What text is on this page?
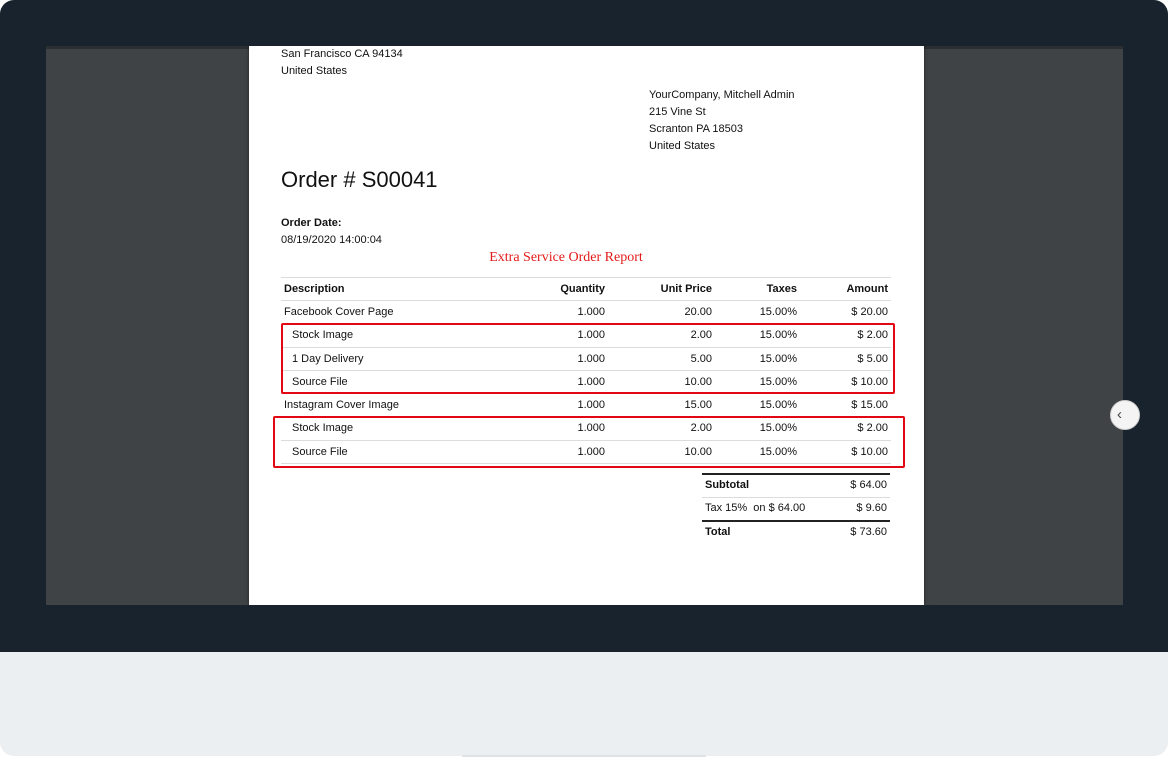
San Francisco CA 94134
United States
YourCompany, Mitchell Admin
215 Vine St
Scranton PA 18503
United States
Order # S00041
Order Date:
08/19/2020 14:00:04
Extra Service Order Report
Description	Quantity	Unit Price	Taxes	Amount
Facebook Cover Page	1.000	20.00	15.00%	$ 20.00
Stock Image	1.000	2.00	15.00%	$ 2.00
1 Day Delivery	1.000	5.00	15.00%	$ 5.00
Source File	1.000	10.00	15.00%	$ 10.00
Instagram Cover Image	1.000	15.00	15.00%	$ 15.00
Stock Image	1.000	2.00	15.00%	$ 2.00
Source File	1.000	10.00	15.00%	$ 10.00
Subtotal	$ 64.00
Tax 15%  on $ 64.00	$ 9.60
Total	$ 73.60
‹
